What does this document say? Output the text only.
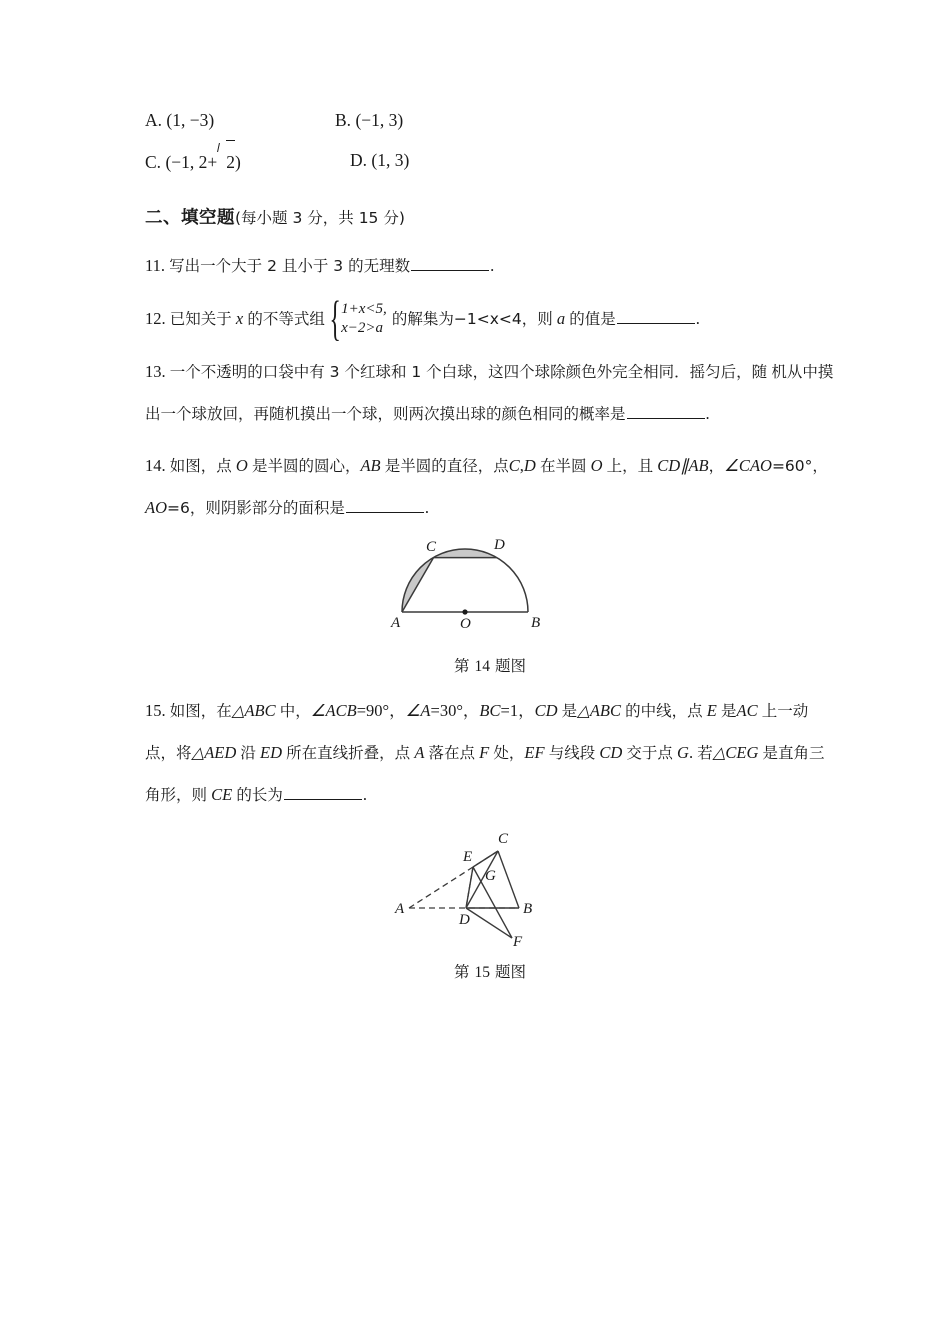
A. (1, −3)	B. (−1, 3)
C. (−1, 2+ 2)	D. (1, 3)
二、填空题(每小题 3 分，共 15 分)
11. 写出一个大于 2 且小于 3 的无理数	.
12. 已知关于 x 的不等式组 { 1+x<5,
x−2>a
的解集为−1<x<4，则 a 的值是	.
13. 一个不透明的口袋中有 3 个红球和 1 个白球，这四个球除颜色外完全相同．摇匀后，随 机从中摸出一个球放回，再随机摸出一个球，则两次摸出球的颜色相同的概率是	.
14. 如图，点 O 是半圆的圆心，AB 是半圆的直径，点C,D 在半圆 O 上，且 CD∥AB，∠CAO=60°，AO=6，则阴影部分的面积是	.
A	B
C	D
O
第 14 题图
15. 如图，在△ABC 中，∠ACB=90°，∠A=30°，BC=1，CD 是△ABC 的中线，点 E 是AC 上一动点，将△AED 沿 ED 所在直线折叠，点 A 落在点 F 处，EF 与线段 CD 交于点 G. 若△CEG 是直角三角形，则 CE 的长为	.
A	B
C
D
E
F
G
第 15 题图
